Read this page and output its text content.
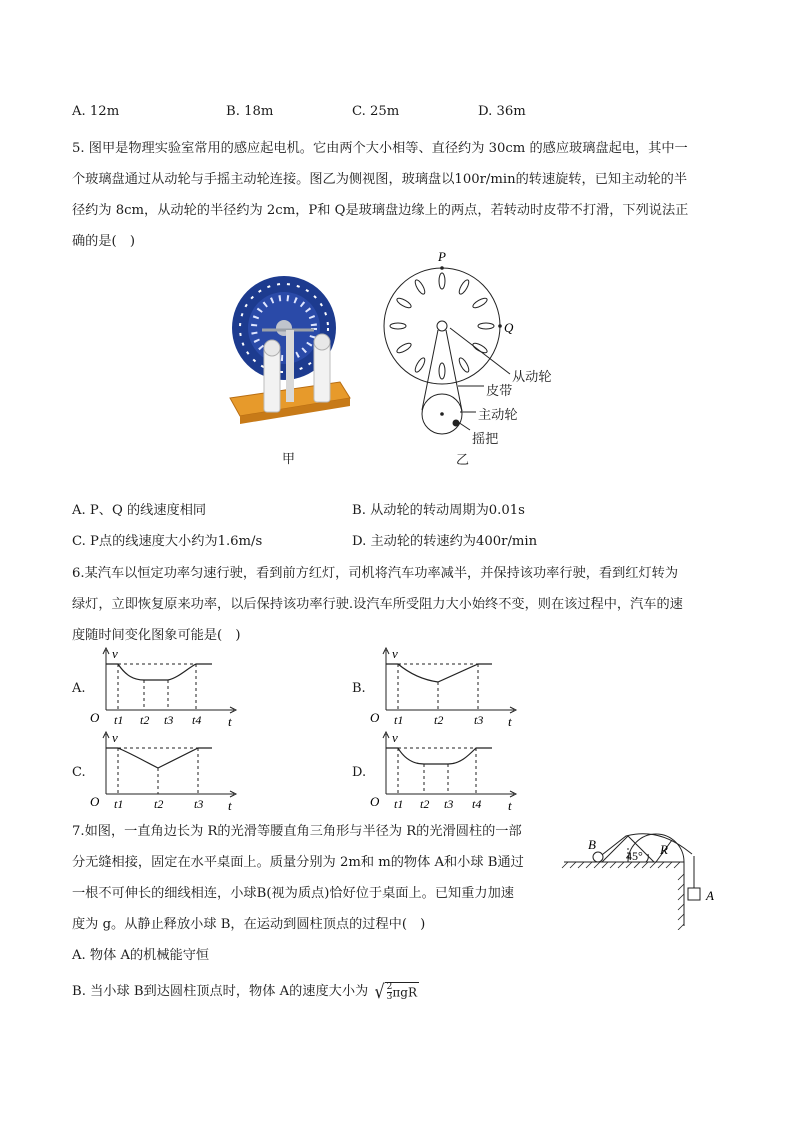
A. 12m	B. 18m	C. 25m	D. 36m
5. 图甲是物理实验室常用的感应起电机。它由两个大小相等、直径约为 30cm 的感应玻璃盘起电，其中一
个玻璃盘通过从动轮与手摇主动轮连接。图乙为侧视图，玻璃盘以100r/min的转速旋转，已知主动轮的半
径约为 8cm，从动轮的半径约为 2cm，P和 Q是玻璃盘边缘上的两点，若转动时皮带不打滑，下列说法正
确的是(　)
甲
P
Q
从动轮
皮带
主动轮
摇把
乙
A. P、Q 的线速度相同	B. 从动轮的转动周期为0.01s
C. P点的线速度大小约为1.6m/s	D. 主动轮的转速约为400r/min
6.某汽车以恒定功率匀速行驶，看到前方红灯，司机将汽车功率减半，并保持该功率行驶，看到红灯转为
绿灯，立即恢复原来功率，以后保持该功率行驶.设汽车所受阻力大小始终不变，则在该过程中，汽车的速
度随时间变化图象可能是(　)
A.
v
O	t
t1 t2 t3 t4
B.
v
O	t
t1	t2	t3
C.
v
O	t
t1	t2	t3
D.
v
O	t
t1 t2 t3 t4
7.如图，一直角边长为 R的光滑等腰直角三角形与半径为 R的光滑圆柱的一部
分无缝相接，固定在水平桌面上。质量分别为 2m和 m的物体 A和小球 B通过
一根不可伸长的细线相连，小球B(视为质点)恰好位于桌面上。已知重力加速
度为 g。从静止释放小球 B，在运动到圆柱顶点的过程中(　)
B
45° R
A
A. 物体 A的机械能守恒
B. 当小球 B到达圆柱顶点时，物体 A的速度大小为 √ $\frac{2}{3}$ πgR
